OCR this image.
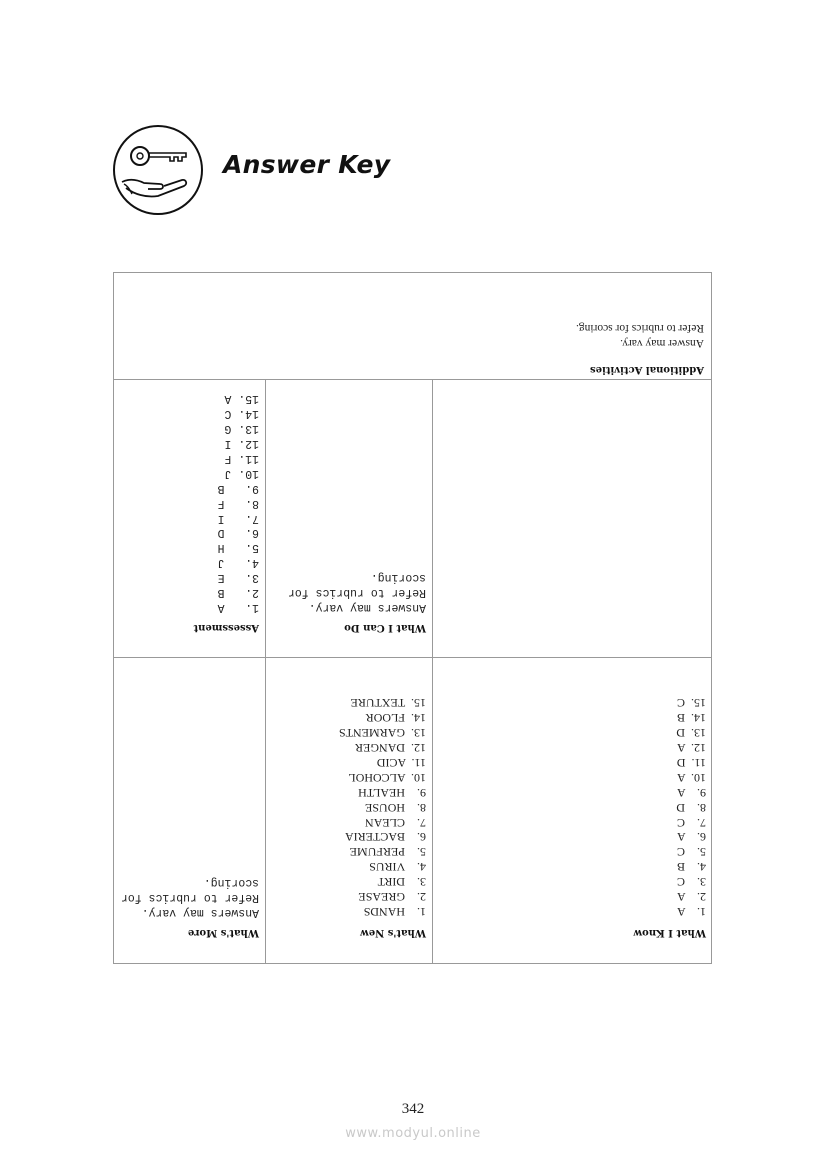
Answer Key
Additional Activities
Answer may vary.
Refer to rubrics for scoring.
Assessment
1.   A
2.   B
3.   E
4.   J
5.   H
6.   D
7.   I
8.   F
9.   B
10. J
11. F
12. I
13. G
14. C
15. A
What I Can Do
Answers may vary.
Refer to rubrics for
scoring.
What's More
Answers may vary.
Refer to rubrics for
scoring.
What's New
1.    HANDS
2.    GREASE
3.    DIRT
4.    VIRUS
5.    PERFUME
6.    BACTERIA
7.    CLEAN
8.    HOUSE
9.    HEALTH
10.  ALCOHOL
11.  ACID
12.  DANGER
13.  GARMENTS
14.  FLOOR
15.  TEXTURE
What I Know
1.    A
2.    A
3.    C
4.    B
5.    C
6.    A
7.    C
8.    D
9.    A
10.  A
11.  D
12.  A
13.  D
14.  B
15.  C
342
www.modyul.online
